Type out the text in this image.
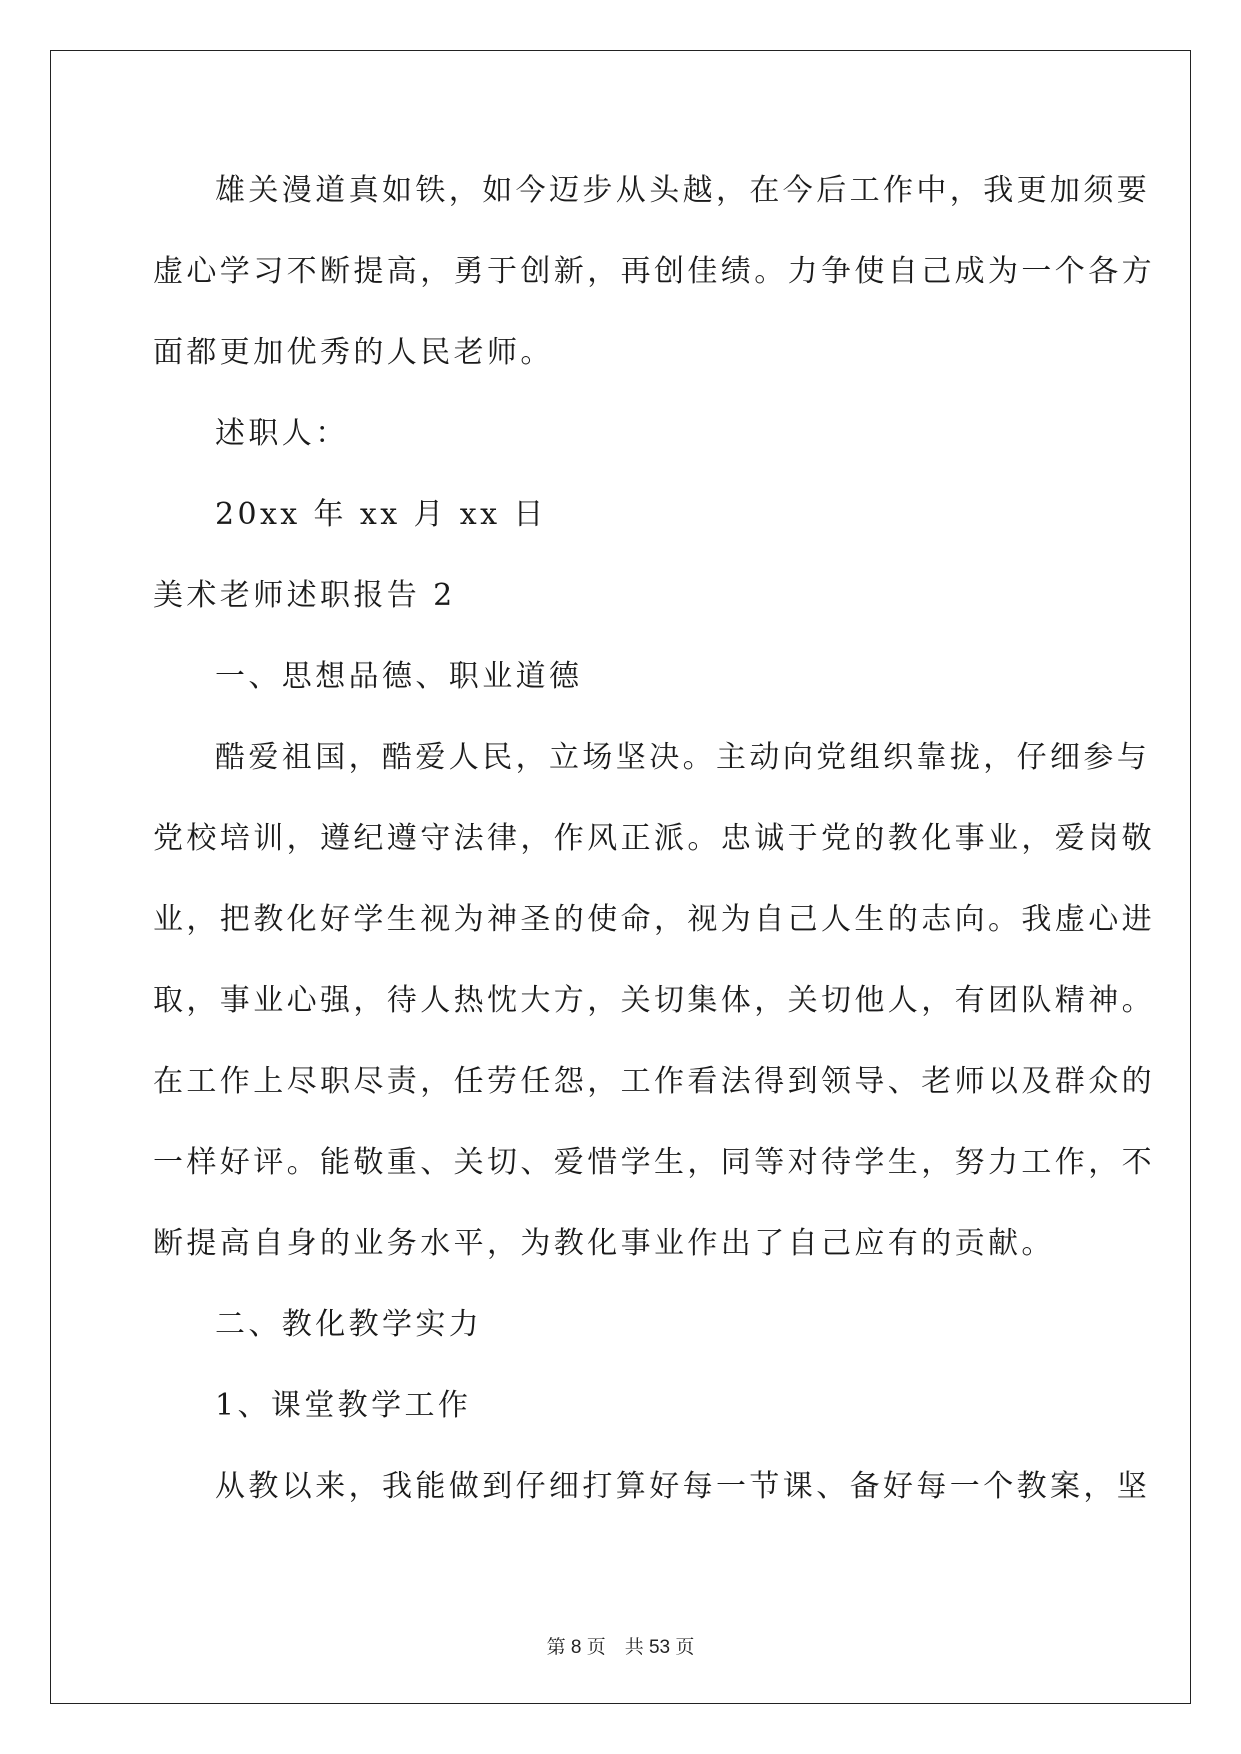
雄关漫道真如铁，如今迈步从头越，在今后工作中，我更加须要
虚心学习不断提高，勇于创新，再创佳绩。力争使自己成为一个各方
面都更加优秀的人民老师。
述职人：
20xx 年 xx 月 xx 日
美术老师述职报告 2
一、思想品德、职业道德
酷爱祖国，酷爱人民，立场坚决。主动向党组织靠拢，仔细参与
党校培训，遵纪遵守法律，作风正派。忠诚于党的教化事业，爱岗敬
业，把教化好学生视为神圣的使命，视为自己人生的志向。我虚心进
取，事业心强，待人热忱大方，关切集体，关切他人，有团队精神。
在工作上尽职尽责，任劳任怨，工作看法得到领导、老师以及群众的
一样好评。能敬重、关切、爱惜学生，同等对待学生，努力工作，不
断提高自身的业务水平，为教化事业作出了自己应有的贡献。
二、教化教学实力
1、课堂教学工作
从教以来，我能做到仔细打算好每一节课、备好每一个教案，坚
第 8 页　共 53 页
